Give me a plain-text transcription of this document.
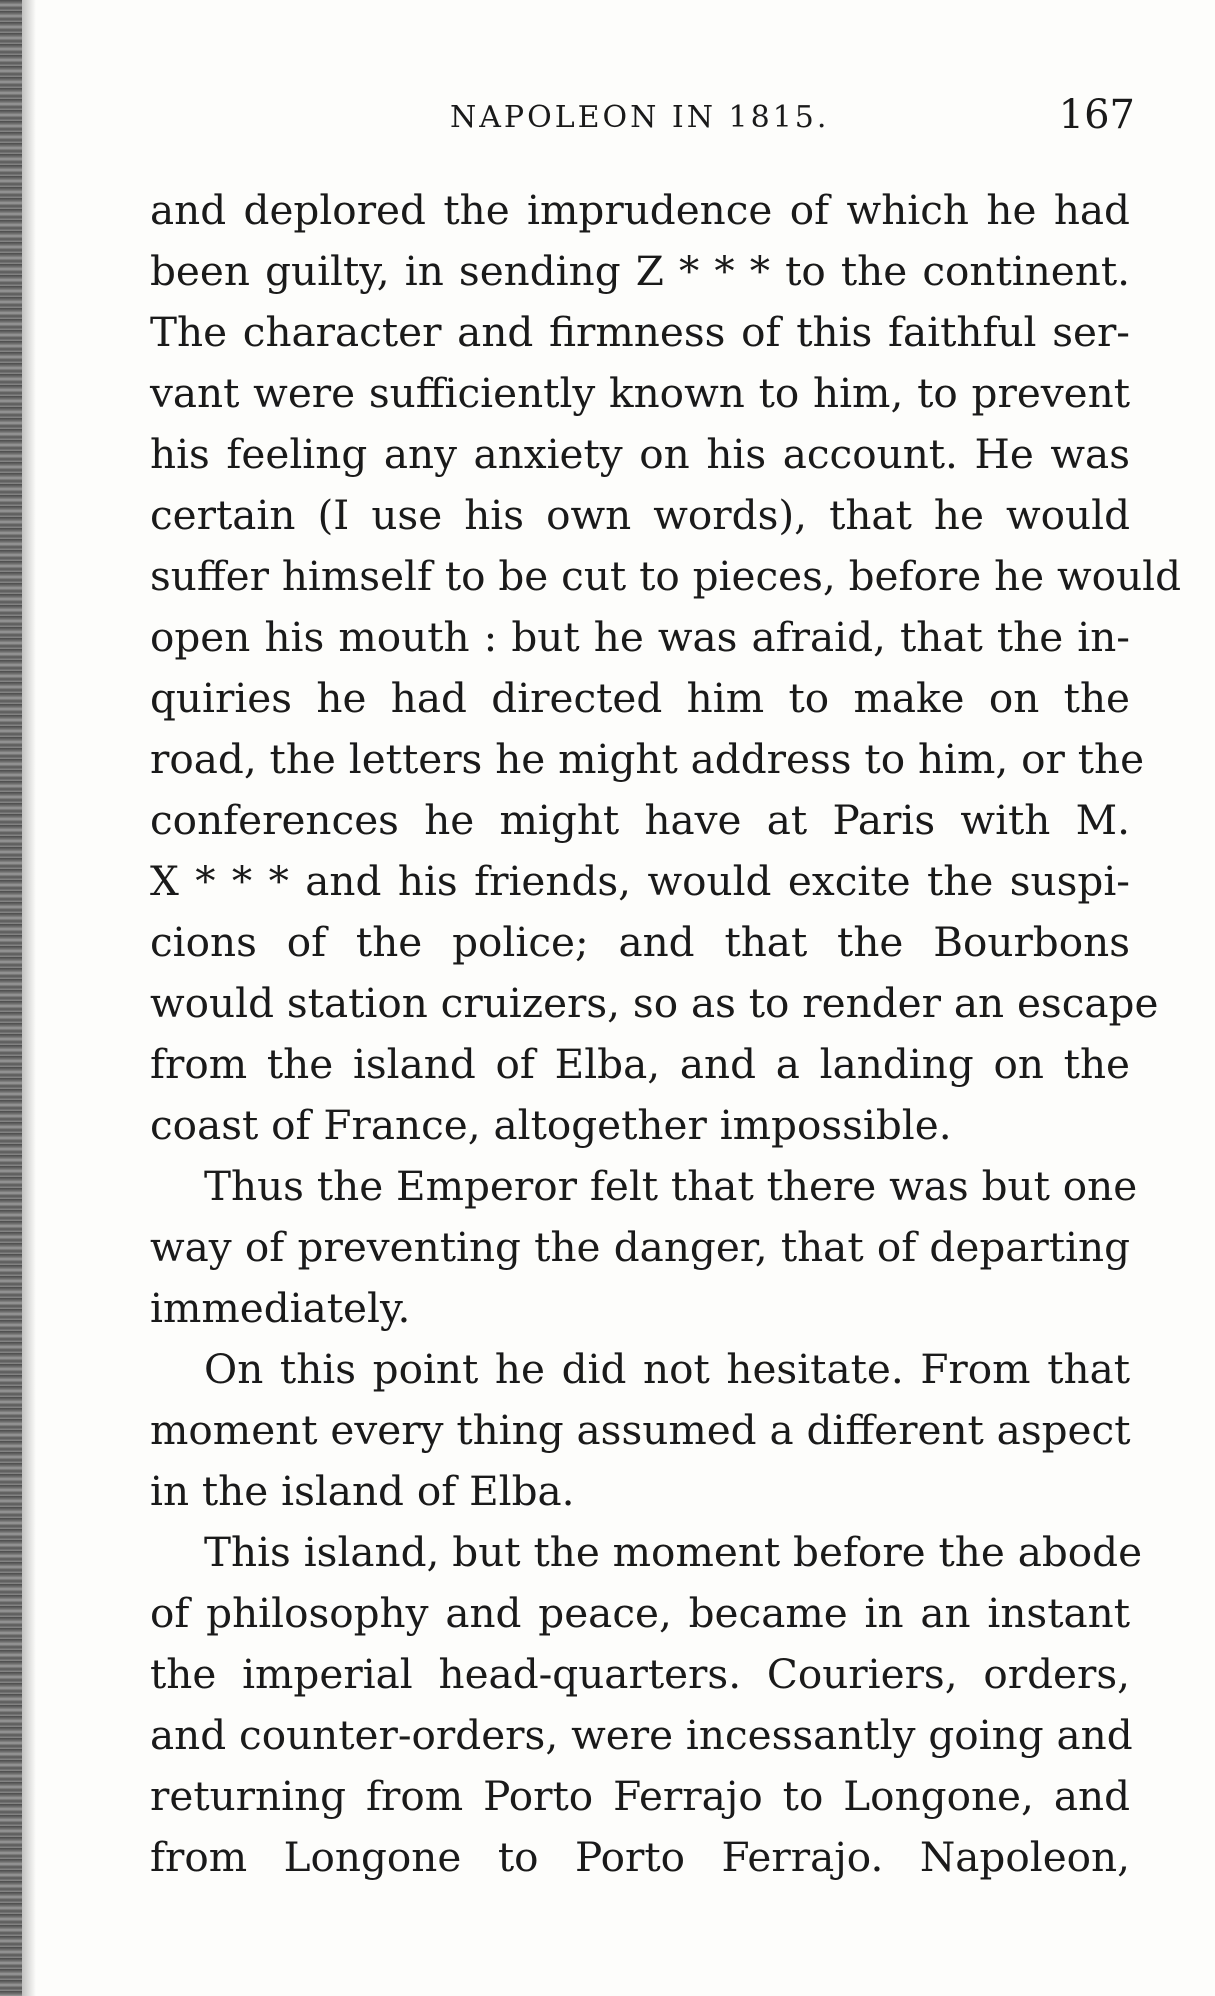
NAPOLEON IN 1815.	167
and deplored the imprudence of which he had
been guilty, in sending Z * * * to the continent.
The character and firmness of this faithful ser-
vant were sufficiently known to him, to prevent
his feeling any anxiety on his account. He was
certain (I use his own words), that he would
suffer himself to be cut to pieces, before he would
open his mouth : but he was afraid, that the in-
quiries he had directed him to make on the
road, the letters he might address to him, or the
conferences he might have at Paris with M.
X * * * and his friends, would excite the suspi-
cions of the police; and that the Bourbons
would station cruizers, so as to render an escape
from the island of Elba, and a landing on the
coast of France, altogether impossible.
Thus the Emperor felt that there was but one
way of preventing the danger, that of departing
immediately.
On this point he did not hesitate. From that
moment every thing assumed a different aspect
in the island of Elba.
This island, but the moment before the abode
of philosophy and peace, became in an instant
the imperial head-quarters. Couriers, orders,
and counter-orders, were incessantly going and
returning from Porto Ferrajo to Longone, and
from Longone to Porto Ferrajo. Napoleon,
